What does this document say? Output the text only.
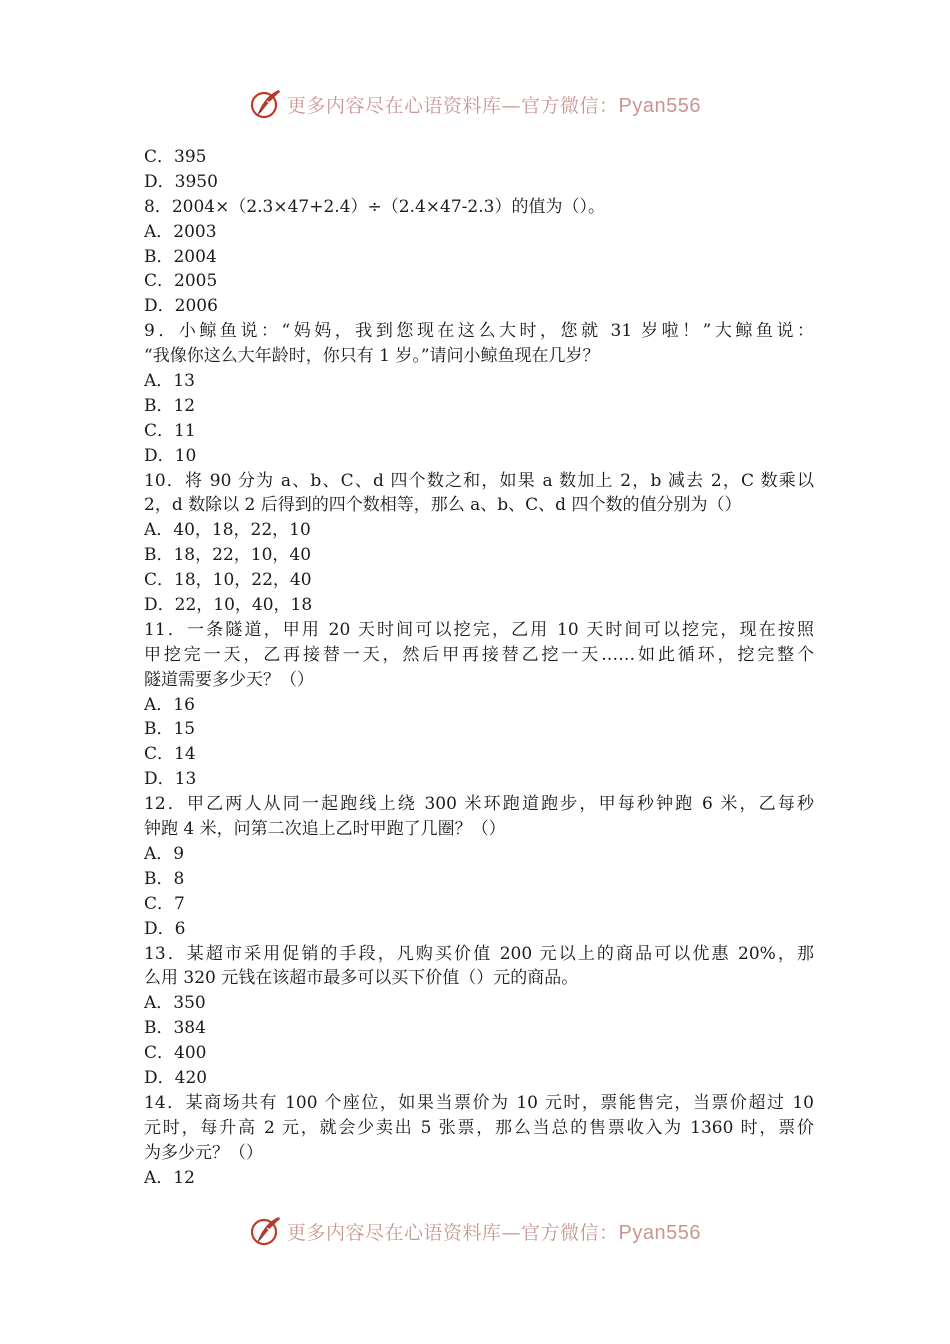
更多内容尽在心语资料库—官方微信：Pyan556
C．395
D．3950
8．2004×（2.3×47+2.4）÷（2.4×47-2.3）的值为（）。
A．2003
B．2004
C．2005
D．2006
9．小鲸鱼说：“妈妈，我到您现在这么大时，您就 31 岁啦！”大鲸鱼说：
“我像你这么大年龄时，你只有 1 岁。”请问小鲸鱼现在几岁？
A．13
B．12
C．11
D．10
10．将 90 分为 a、b、C、d 四个数之和，如果 a 数加上 2，b 减去 2，C 数乘以
2，d 数除以 2 后得到的四个数相等，那么 a、b、C、d 四个数的值分别为（）
A．40，18，22，10
B．18，22，10，40
C．18，10，22，40
D．22，10，40，18
11．一条隧道，甲用 20 天时间可以挖完，乙用 10 天时间可以挖完，现在按照
甲挖完一天，乙再接替一天，然后甲再接替乙挖一天……如此循环，挖完整个
隧道需要多少天？（）
A．16
B．15
C．14
D．13
12．甲乙两人从同一起跑线上绕 300 米环跑道跑步，甲每秒钟跑 6 米，乙每秒
钟跑 4 米，问第二次追上乙时甲跑了几圈？（）
A．9
B．8
C．7
D．6
13．某超市采用促销的手段，凡购买价值 200 元以上的商品可以优惠 20%，那
么用 320 元钱在该超市最多可以买下价值（）元的商品。
A．350
B．384
C．400
D．420
14．某商场共有 100 个座位，如果当票价为 10 元时，票能售完，当票价超过 10
元时，每升高 2 元，就会少卖出 5 张票，那么当总的售票收入为 1360 时，票价
为多少元？（）
A．12
更多内容尽在心语资料库—官方微信：Pyan556
